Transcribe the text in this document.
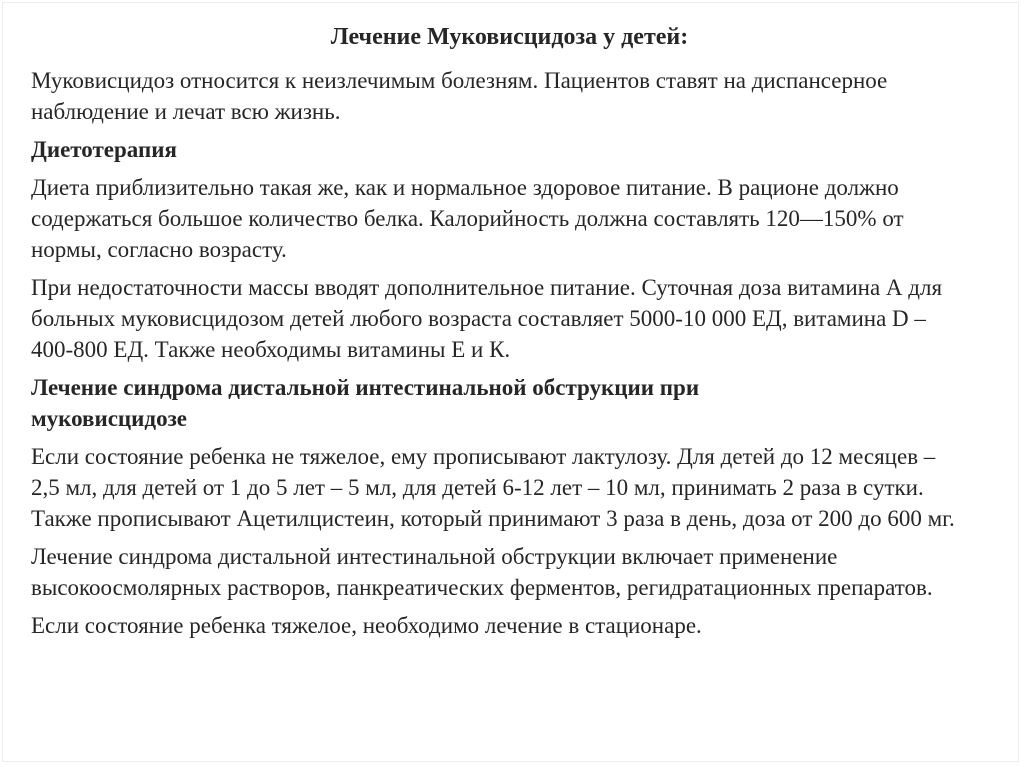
Лечение Муковисцидоза у детей:

Муковисцидоз относится к неизлечимым болезням. Пациентов ставят на диспансерное наблюдение и лечат всю жизнь.

Диетотерапия

Диета приблизительно такая же, как и нормальное здоровое питание. В рационе должно содержаться большое количество белка. Калорийность должна составлять 120—150% от нормы, согласно возрасту.

При недостаточности массы вводят дополнительное питание. Суточная доза витамина А для больных муковисцидозом детей любого возраста составляет 5000-10 000 ЕД, витамина D – 400-800 ЕД. Также необходимы витамины Е и К.

Лечение синдрома дистальной интестинальной обструкции при муковисцидозе

Если состояние ребенка не тяжелое, ему прописывают лактулозу. Для детей до 12 месяцев – 2,5 мл, для детей от 1 до 5 лет – 5 мл, для детей 6-12 лет – 10 мл, принимать 2 раза в сутки. Также прописывают Ацетилцистеин, который принимают 3 раза в день, доза от 200 до 600 мг.

Лечение синдрома дистальной интестинальной обструкции включает применение высокоосмолярных растворов, панкреатических ферментов, регидратационных препаратов.

Если состояние ребенка тяжелое, необходимо лечение в стационаре.
